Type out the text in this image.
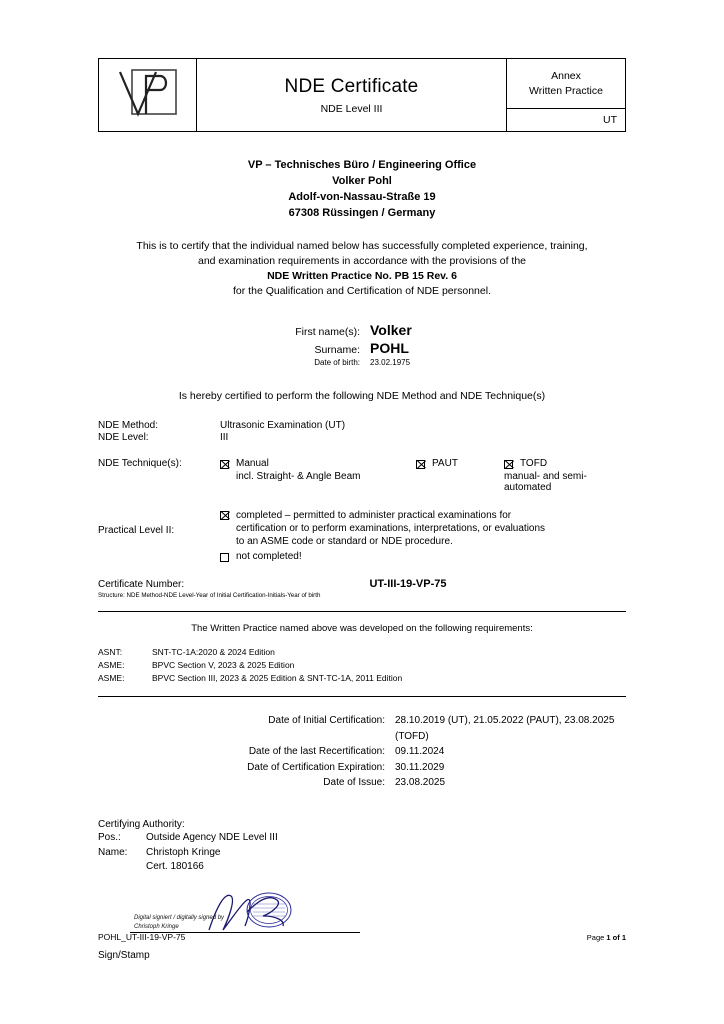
NDE Certificate
NDE Level III
Annex
Written Practice
UT
VP – Technisches Büro / Engineering Office
Volker Pohl
Adolf-von-Nassau-Straße 19
67308 Rüssingen / Germany
This is to certify that the individual named below has successfully completed experience, training,
and examination requirements in accordance with the provisions of the
NDE Written Practice No. PB 15 Rev. 6
for the Qualification and Certification of NDE personnel.
First name(s): Volker
Surname: POHL
Date of birth:	23.02.1975
Is hereby certified to perform the following NDE Method and NDE Technique(s)
NDE Method:	Ultrasonic Examination (UT)
NDE Level:	III
NDE Technique(s):	Manual
incl. Straight- & Angle Beam
PAUT	TOFD
manual- and semi-automated
Practical Level II:
completed – permitted to administer practical examinations for
certification or to perform examinations, interpretations, or evaluations
to an ASME code or standard or NDE procedure.
not completed!
Certificate Number:	UT-III-19-VP-75
Structure: NDE Method-NDE Level-Year of Initial Certification-Initials-Year of birth
The Written Practice named above was developed on the following requirements:
ASNT:	SNT-TC-1A:2020 & 2024 Edition
ASME:	BPVC Section V, 2023 & 2025 Edition
ASME:	BPVC Section III, 2023 & 2025 Edition & SNT-TC-1A, 2011 Edition
Date of Initial Certification:	28.10.2019 (UT), 21.05.2022 (PAUT), 23.08.2025 (TOFD)
Date of the last Recertification:	09.11.2024
Date of Certification Expiration:	30.11.2029
Date of Issue:	23.08.2025
Certifying Authority:
Pos.:	Outside Agency NDE Level III
Name:	Christoph Kringe
Cert. 180166
Digital signiert / digitally signed by
Christoph Kringe
Sign/Stamp
POHL_UT-III-19-VP-75	Page 1 of 1
